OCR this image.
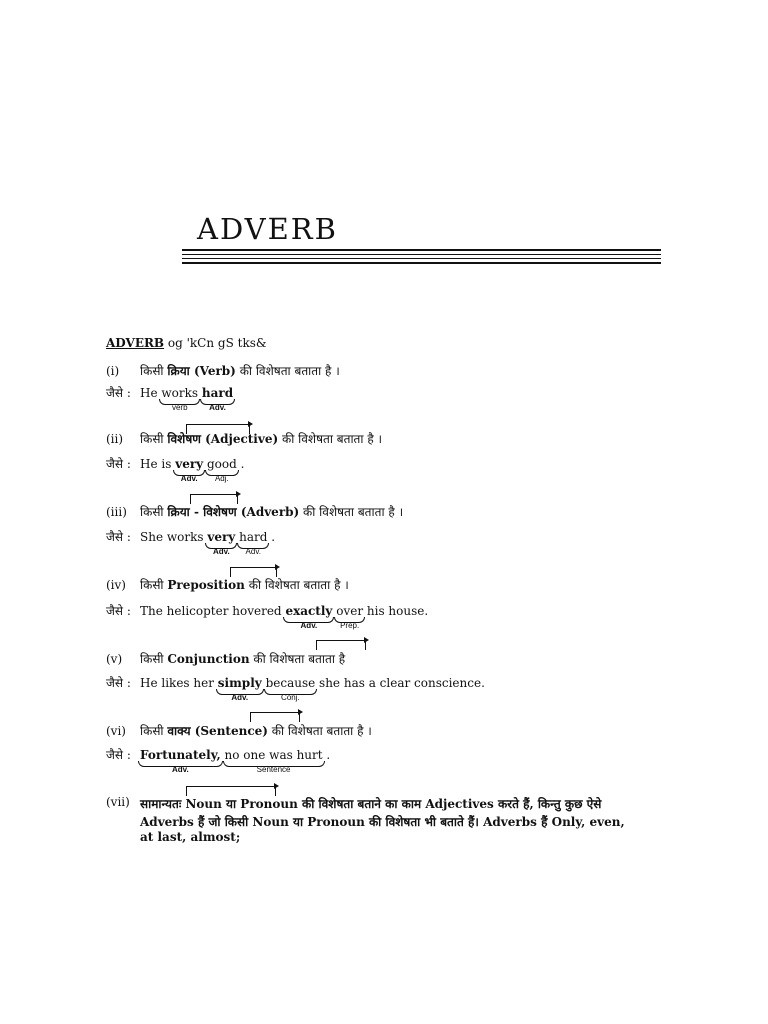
ADVERB
ADVERB og 'kCn gS tks&
(i) किसी क्रिया (Verb) की विशेषता बताता है ।
जैसे : He works
verb
hard
Adv.
(ii) किसी विशेषण (Adjective) की विशेषता बताता है ।
जैसे : He is very
Adv.
good
Adj.
.
(iii) किसी क्रिया - विशेषण (Adverb) की विशेषता बताता है ।
जैसे : She works very
Adv.
hard
Adv.
.
(iv) किसी Preposition की विशेषता बताता है ।
जैसे : The helicopter hovered exactly
Adv.
over
Prep.
his house.
(v) किसी Conjunction की विशेषता बताता है
जैसे : He likes her simply
Adv.
because
Conj.
she has a clear conscience.
(vi) किसी वाक्य (Sentence) की विशेषता बताता है ।
जैसे : Fortunately,
Adv.
no one was hurt
Sentence
.
(vii) सामान्यतः Noun या Pronoun की विशेषता बताने का काम Adjectives करते हैं, किन्तु कुछ ऐसे
Adverbs हैं जो किसी Noun या Pronoun की विशेषता भी बताते हैं। Adverbs हैं Only, even,
at last, almost;
